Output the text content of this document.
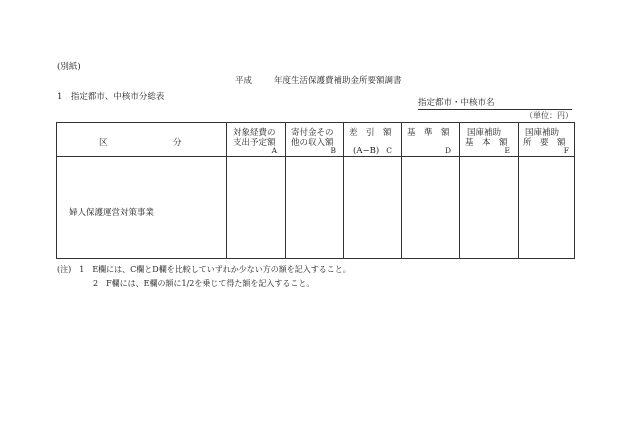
(別紙)
平成	年度生活保護費補助金所要額調書
1　指定都市、中核市分総表
指定都市・中核市名
（単位：円）
区	分
対象経費の
支出予定額
A
寄付金その
他の収入額
B
差　引　額
(A−B) C
基　準　額
D
国庫補助
基　本　額
E
国庫補助
所　要　額
F
婦人保護運営対策事業
(注)　1　E欄には、C欄とD欄を比較していずれか少ない方の額を記入すること。
2　F欄には、E欄の額に1/2を乗じて得た額を記入すること。
